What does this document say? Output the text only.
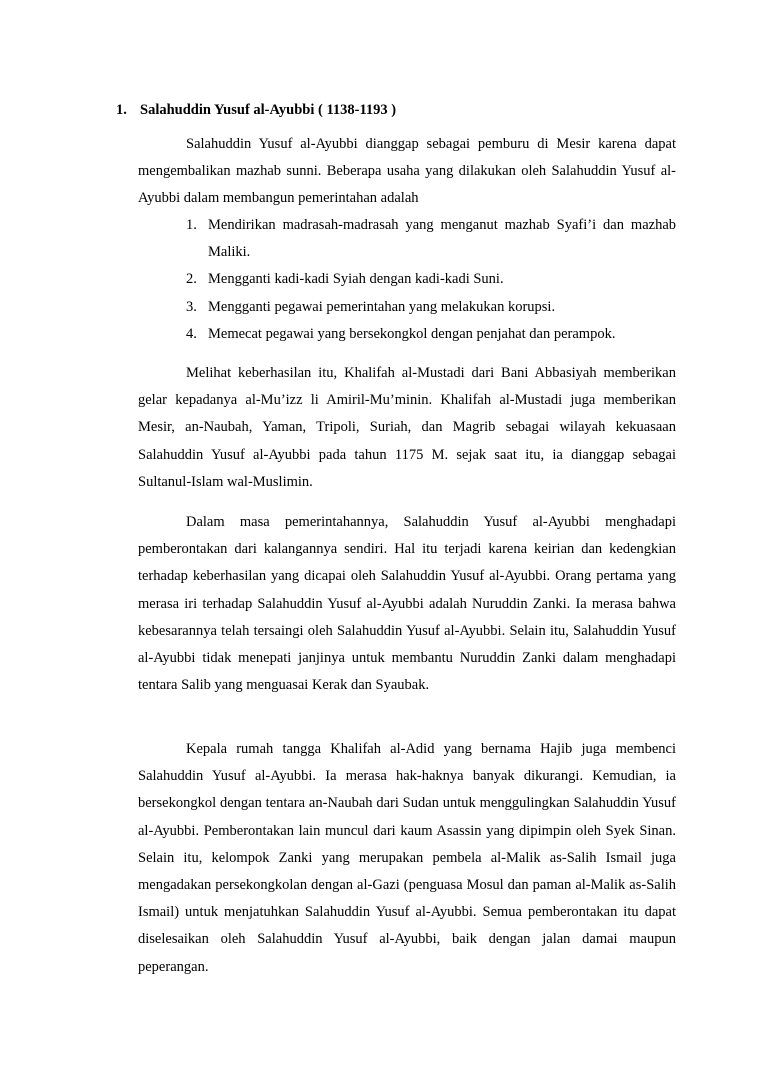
1. Salahuddin Yusuf al-Ayubbi ( 1138-1193 )

Salahuddin Yusuf al-Ayubbi dianggap sebagai pemburu di Mesir karena dapat mengembalikan mazhab sunni. Beberapa usaha yang dilakukan oleh Salahuddin Yusuf al-Ayubbi dalam membangun pemerintahan adalah

1. Mendirikan madrasah-madrasah yang menganut mazhab Syafi’i dan mazhab Maliki.
2. Mengganti kadi-kadi Syiah dengan kadi-kadi Suni.
3. Mengganti pegawai pemerintahan yang melakukan korupsi.
4. Memecat pegawai yang bersekongkol dengan penjahat dan perampok.

Melihat keberhasilan itu, Khalifah al-Mustadi dari Bani Abbasiyah memberikan gelar kepadanya al-Mu’izz li Amiril-Mu’minin. Khalifah al-Mustadi juga memberikan Mesir, an-Naubah, Yaman, Tripoli, Suriah, dan Magrib sebagai wilayah kekuasaan Salahuddin Yusuf al-Ayubbi pada tahun 1175 M. sejak saat itu, ia dianggap sebagai Sultanul-Islam wal-Muslimin.

Dalam masa pemerintahannya, Salahuddin Yusuf al-Ayubbi menghadapi pemberontakan dari kalangannya sendiri. Hal itu terjadi karena keirian dan kedengkian terhadap keberhasilan yang dicapai oleh Salahuddin Yusuf al-Ayubbi. Orang pertama yang merasa iri terhadap Salahuddin Yusuf al-Ayubbi adalah Nuruddin Zanki. Ia merasa bahwa kebesarannya telah tersaingi oleh Salahuddin Yusuf al-Ayubbi. Selain itu, Salahuddin Yusuf al-Ayubbi tidak menepati janjinya untuk membantu Nuruddin Zanki dalam menghadapi tentara Salib yang menguasai Kerak dan Syaubak.

Kepala rumah tangga Khalifah al-Adid yang bernama Hajib juga membenci Salahuddin Yusuf al-Ayubbi. Ia merasa hak-haknya banyak dikurangi. Kemudian, ia bersekongkol dengan tentara an-Naubah dari Sudan untuk menggulingkan Salahuddin Yusuf al-Ayubbi. Pemberontakan lain muncul dari kaum Asassin yang dipimpin oleh Syek Sinan. Selain itu, kelompok Zanki yang merupakan pembela al-Malik as-Salih Ismail juga mengadakan persekongkolan dengan al-Gazi (penguasa Mosul dan paman al-Malik as-Salih Ismail) untuk menjatuhkan Salahuddin Yusuf al-Ayubbi. Semua pemberontakan itu dapat diselesaikan oleh Salahuddin Yusuf al-Ayubbi, baik dengan jalan damai maupun peperangan.
